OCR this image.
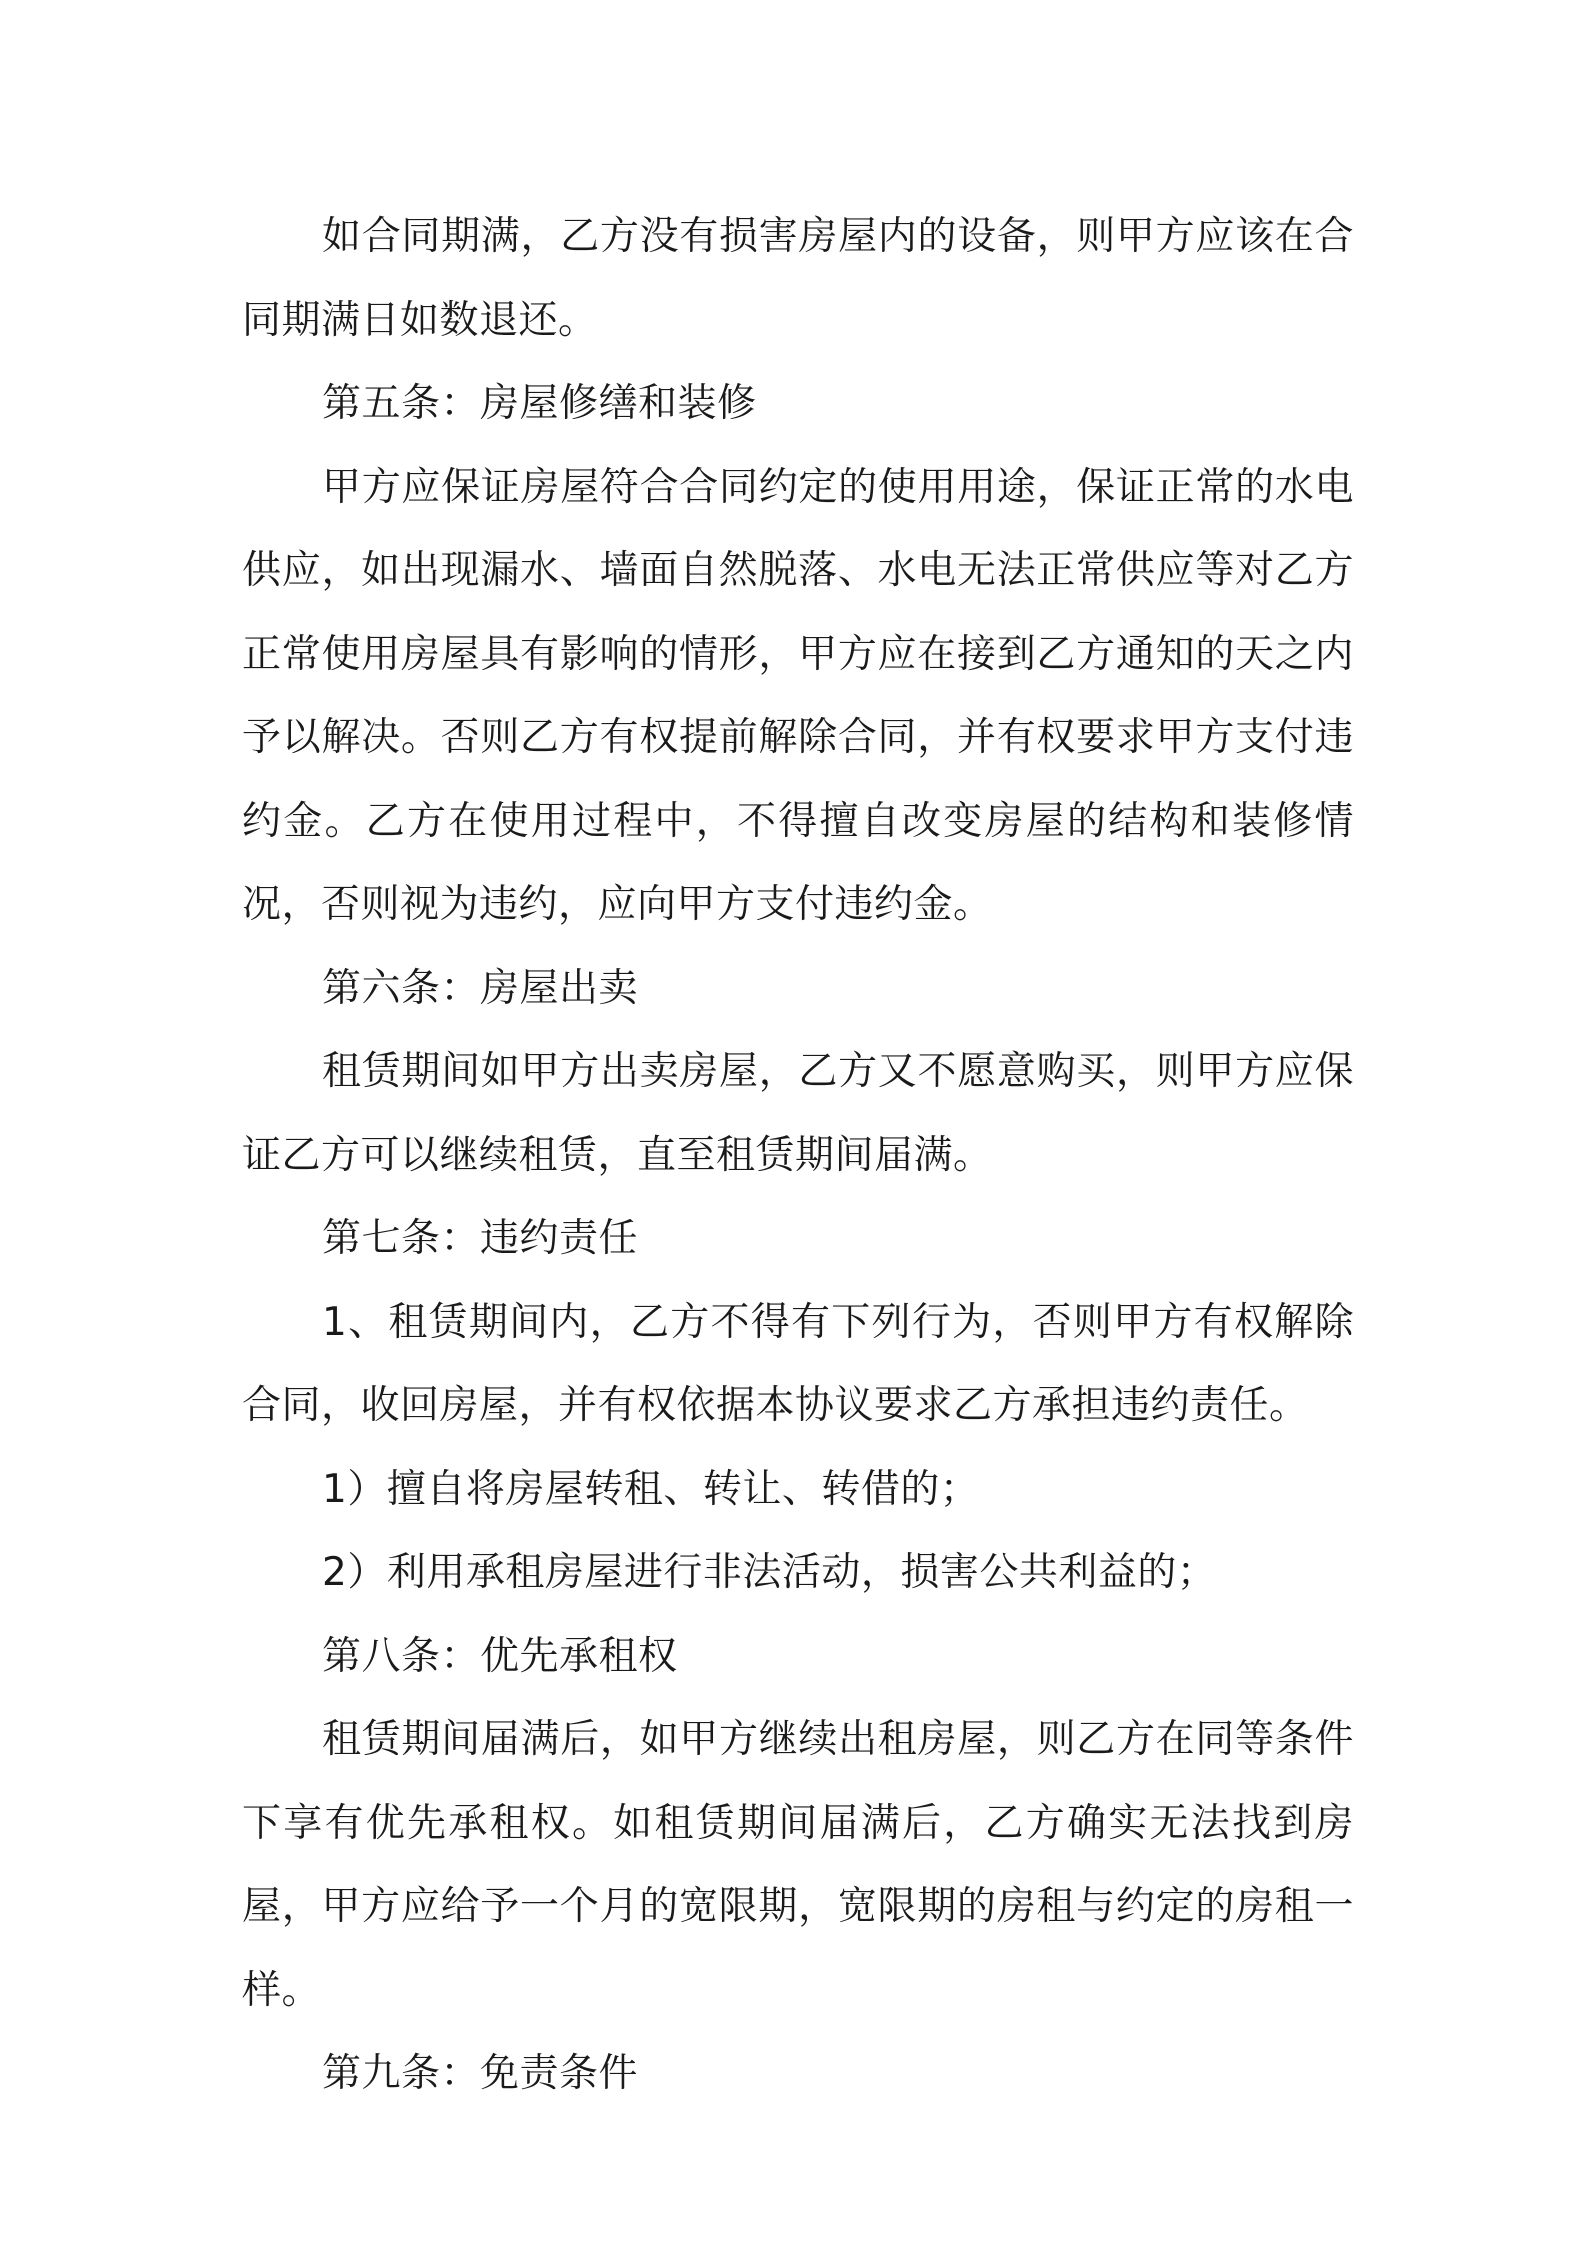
如合同期满，乙方没有损害房屋内的设备，则甲方应该在合同期满日如数退还。

第五条：房屋修缮和装修

甲方应保证房屋符合合同约定的使用用途，保证正常的水电供应，如出现漏水、墙面自然脱落、水电无法正常供应等对乙方正常使用房屋具有影响的情形，甲方应在接到乙方通知的天之内予以解决。否则乙方有权提前解除合同，并有权要求甲方支付违约金。乙方在使用过程中，不得擅自改变房屋的结构和装修情况，否则视为违约，应向甲方支付违约金。

第六条：房屋出卖

租赁期间如甲方出卖房屋，乙方又不愿意购买，则甲方应保证乙方可以继续租赁，直至租赁期间届满。

第七条：违约责任

1、租赁期间内，乙方不得有下列行为，否则甲方有权解除合同，收回房屋，并有权依据本协议要求乙方承担违约责任。

1）擅自将房屋转租、转让、转借的；

2）利用承租房屋进行非法活动，损害公共利益的；

第八条：优先承租权

租赁期间届满后，如甲方继续出租房屋，则乙方在同等条件下享有优先承租权。如租赁期间届满后，乙方确实无法找到房屋，甲方应给予一个月的宽限期，宽限期的房租与约定的房租一样。

第九条：免责条件
